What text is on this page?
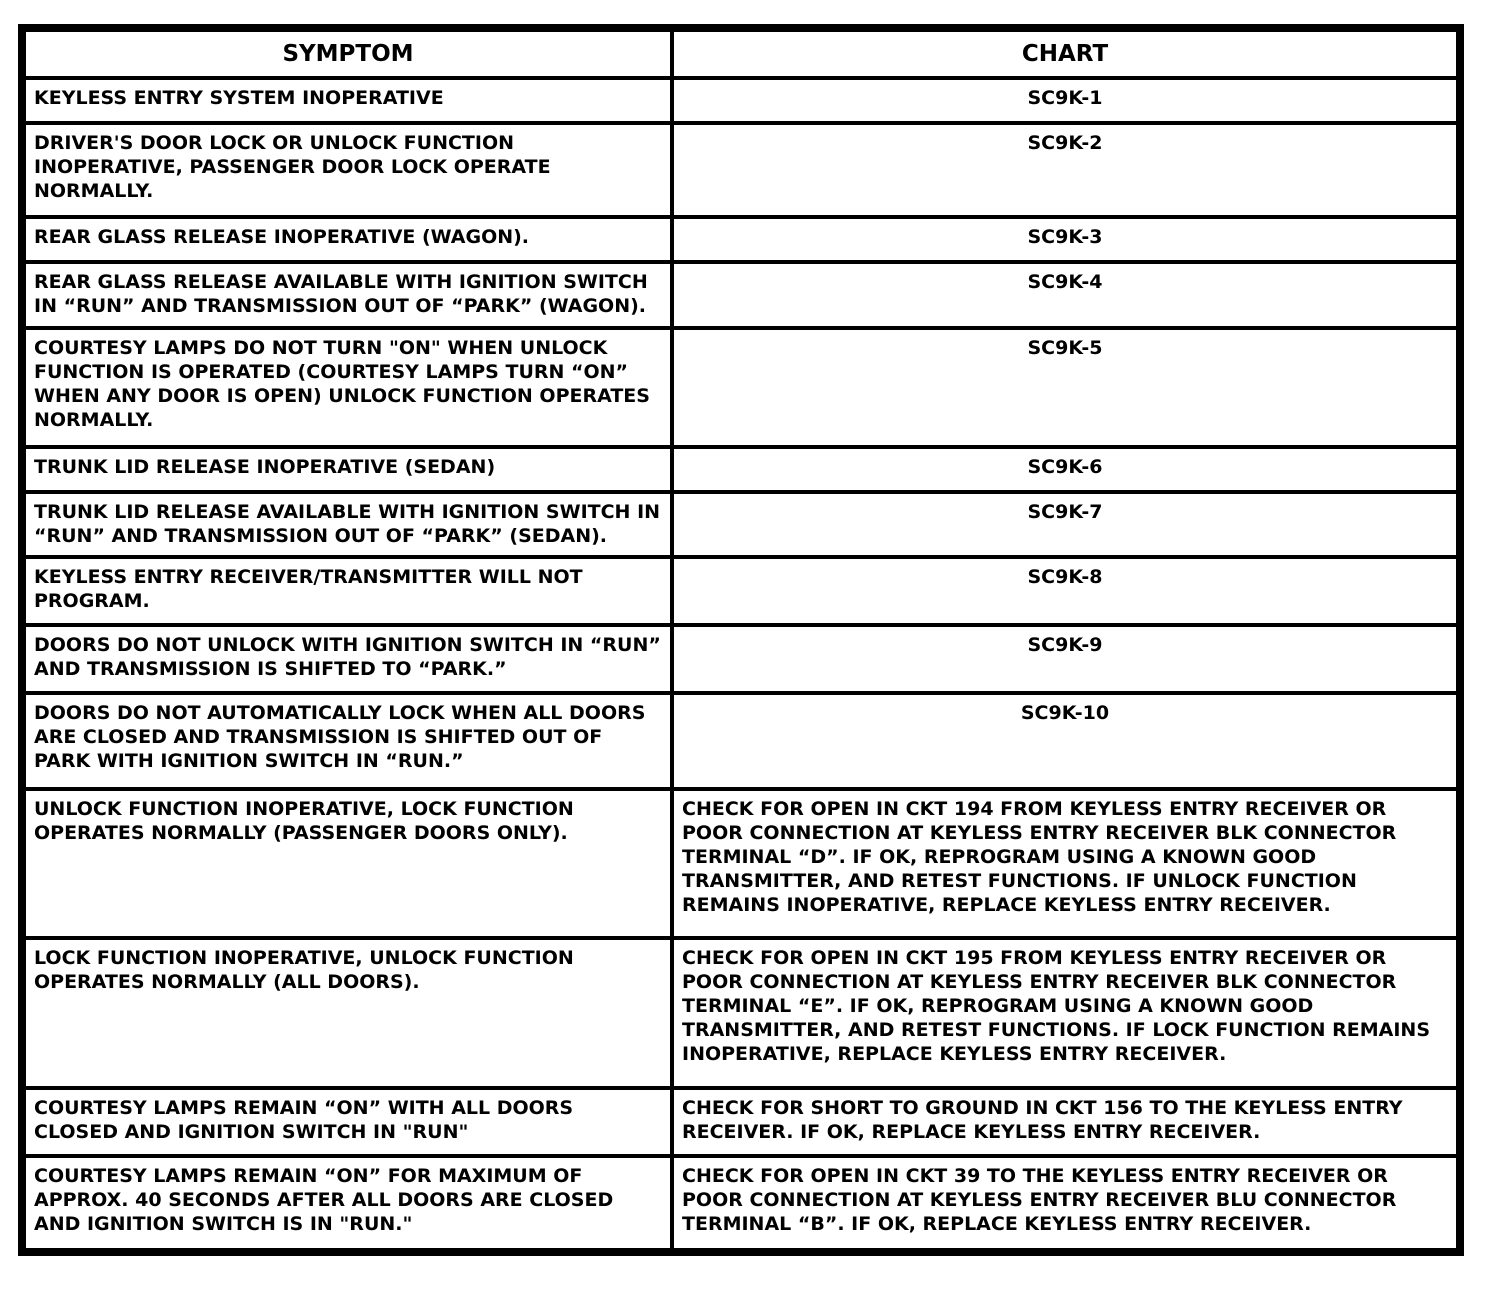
SYMPTOM	CHART
KEYLESS ENTRY SYSTEM INOPERATIVE	SC9K-1
DRIVER'S DOOR LOCK OR UNLOCK FUNCTION INOPERATIVE, PASSENGER DOOR LOCK OPERATE NORMALLY.	SC9K-2
REAR GLASS RELEASE INOPERATIVE (WAGON).	SC9K-3
REAR GLASS RELEASE AVAILABLE WITH IGNITION SWITCH IN “RUN” AND TRANSMISSION OUT OF “PARK” (WAGON).	SC9K-4
COURTESY LAMPS DO NOT TURN "ON" WHEN UNLOCK FUNCTION IS OPERATED (COURTESY LAMPS TURN “ON” WHEN ANY DOOR IS OPEN) UNLOCK FUNCTION OPERATES NORMALLY.	SC9K-5
TRUNK LID RELEASE INOPERATIVE (SEDAN)	SC9K-6
TRUNK LID RELEASE AVAILABLE WITH IGNITION SWITCH IN “RUN” AND TRANSMISSION OUT OF “PARK” (SEDAN).	SC9K-7
KEYLESS ENTRY RECEIVER/TRANSMITTER WILL NOT PROGRAM.	SC9K-8
DOORS DO NOT UNLOCK WITH IGNITION SWITCH IN “RUN” AND TRANSMISSION IS SHIFTED TO “PARK.”	SC9K-9
DOORS DO NOT AUTOMATICALLY LOCK WHEN ALL DOORS ARE CLOSED AND TRANSMISSION IS SHIFTED OUT OF PARK WITH IGNITION SWITCH IN “RUN.”	SC9K-10
UNLOCK FUNCTION INOPERATIVE, LOCK FUNCTION OPERATES NORMALLY (PASSENGER DOORS ONLY).	CHECK FOR OPEN IN CKT 194 FROM KEYLESS ENTRY RECEIVER OR POOR CONNECTION AT KEYLESS ENTRY RECEIVER BLK CONNECTOR TERMINAL “D”. IF OK, REPROGRAM USING A KNOWN GOOD TRANSMITTER, AND RETEST FUNCTIONS. IF UNLOCK FUNCTION REMAINS INOPERATIVE, REPLACE KEYLESS ENTRY RECEIVER.
LOCK FUNCTION INOPERATIVE, UNLOCK FUNCTION OPERATES NORMALLY (ALL DOORS).	CHECK FOR OPEN IN CKT 195 FROM KEYLESS ENTRY RECEIVER OR POOR CONNECTION AT KEYLESS ENTRY RECEIVER BLK CONNECTOR TERMINAL “E”. IF OK, REPROGRAM USING A KNOWN GOOD TRANSMITTER, AND RETEST FUNCTIONS. IF LOCK FUNCTION REMAINS INOPERATIVE, REPLACE KEYLESS ENTRY RECEIVER.
COURTESY LAMPS REMAIN “ON” WITH ALL DOORS CLOSED AND IGNITION SWITCH IN "RUN"	CHECK FOR SHORT TO GROUND IN CKT 156 TO THE KEYLESS ENTRY RECEIVER. IF OK, REPLACE KEYLESS ENTRY RECEIVER.
COURTESY LAMPS REMAIN “ON” FOR MAXIMUM OF APPROX. 40 SECONDS AFTER ALL DOORS ARE CLOSED AND IGNITION SWITCH IS IN "RUN."	CHECK FOR OPEN IN CKT 39 TO THE KEYLESS ENTRY RECEIVER OR POOR CONNECTION AT KEYLESS ENTRY RECEIVER BLU CONNECTOR TERMINAL “B”. IF OK, REPLACE KEYLESS ENTRY RECEIVER.
